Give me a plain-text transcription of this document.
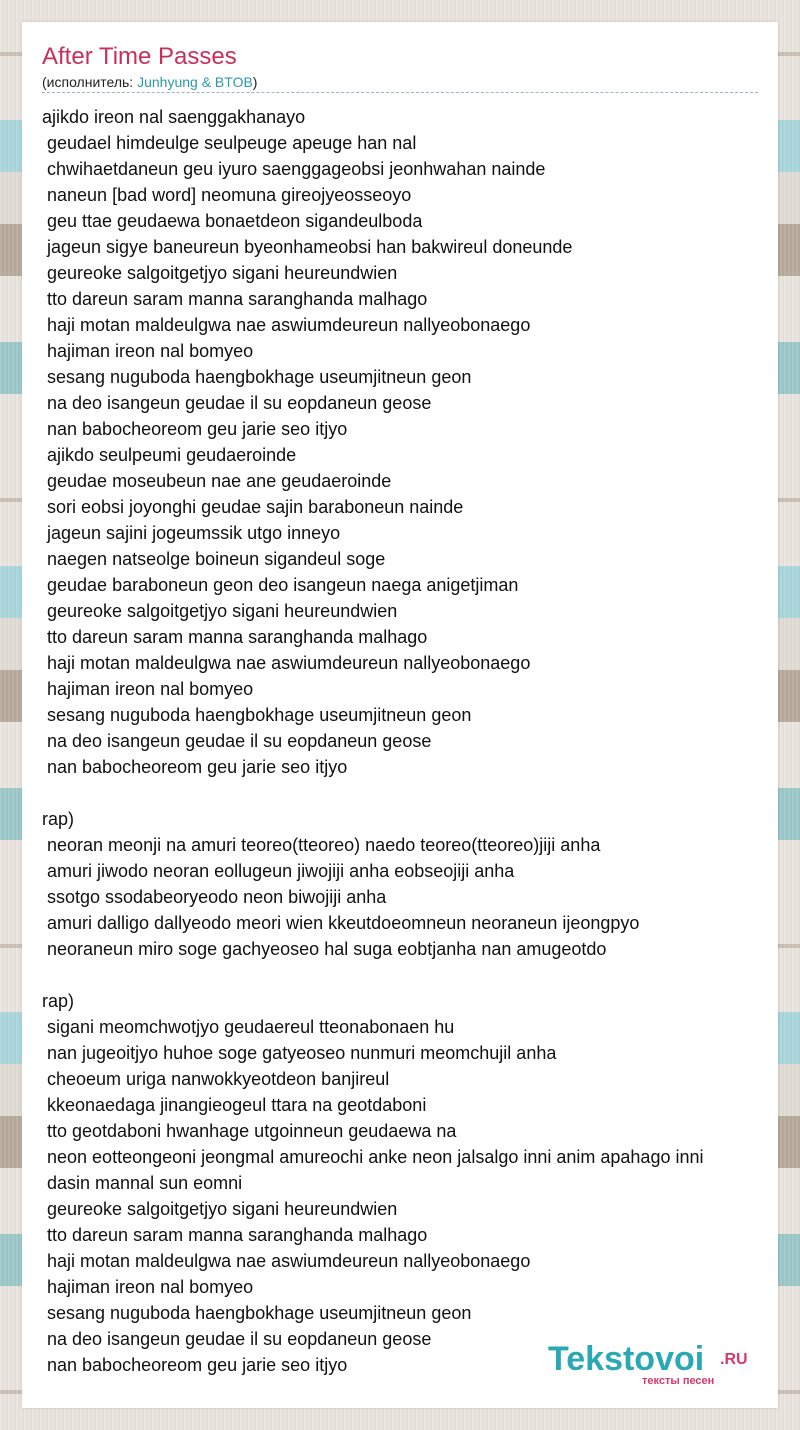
After Time Passes
(исполнитель: Junhyung & BTOB)
ajikdo ireon nal saenggakhanayo
geudael himdeulge seulpeuge apeuge han nal
chwihaetdaneun geu iyuro saenggageobsi jeonhwahan nainde
naneun [bad word] neomuna gireojyeosseoyo
geu ttae geudaewa bonaetdeon sigandeulboda
jageun sigye baneureun byeonhameobsi han bakwireul doneunde
geureoke salgoitgetjyo sigani heureundwien
tto dareun saram manna saranghanda malhago
haji motan maldeulgwa nae aswiumdeureun nallyeobonaego
hajiman ireon nal bomyeo
sesang nuguboda haengbokhage useumjitneun geon
na deo isangeun geudae il su eopdaneun geose
nan babocheoreom geu jarie seo itjyo
ajikdo seulpeumi geudaeroinde
geudae moseubeun nae ane geudaeroinde
sori eobsi joyonghi geudae sajin baraboneun nainde
jageun sajini jogeumssik utgo inneyo
naegen natseolge boineun sigandeul soge
geudae baraboneun geon deo isangeun naega anigetjiman
geureoke salgoitgetjyo sigani heureundwien
tto dareun saram manna saranghanda malhago
haji motan maldeulgwa nae aswiumdeureun nallyeobonaego
hajiman ireon nal bomyeo
sesang nuguboda haengbokhage useumjitneun geon
na deo isangeun geudae il su eopdaneun geose
nan babocheoreom geu jarie seo itjyo
rap)
neoran meonji na amuri teoreo(tteoreo) naedo teoreo(tteoreo)jiji anha
amuri jiwodo neoran eollugeun jiwojiji anha eobseojiji anha
ssotgo ssodabeoryeodo neon biwojiji anha
amuri dalligo dallyeodo meori wien kkeutdoeomneun neoraneun ijeongpyo
neoraneun miro soge gachyeoseo hal suga eobtjanha nan amugeotdo
rap)
sigani meomchwotjyo geudaereul tteonabonaen hu
nan jugeoitjyo huhoe soge gatyeoseo nunmuri meomchujil anha
cheoeum uriga nanwokkyeotdeon banjireul
kkeonaedaga jinangieogeul ttara na geotdaboni
tto geotdaboni hwanhage utgoinneun geudaewa na
neon eotteongeoni jeongmal amureochi anke neon jalsalgo inni anim apahago inni
dasin mannal sun eomni
geureoke salgoitgetjyo sigani heureundwien
tto dareun saram manna saranghanda malhago
haji motan maldeulgwa nae aswiumdeureun nallyeobonaego
hajiman ireon nal bomyeo
sesang nuguboda haengbokhage useumjitneun geon
na deo isangeun geudae il su eopdaneun geose
nan babocheoreom geu jarie seo itjyo	Tekstovoi .RU
тексты песен
